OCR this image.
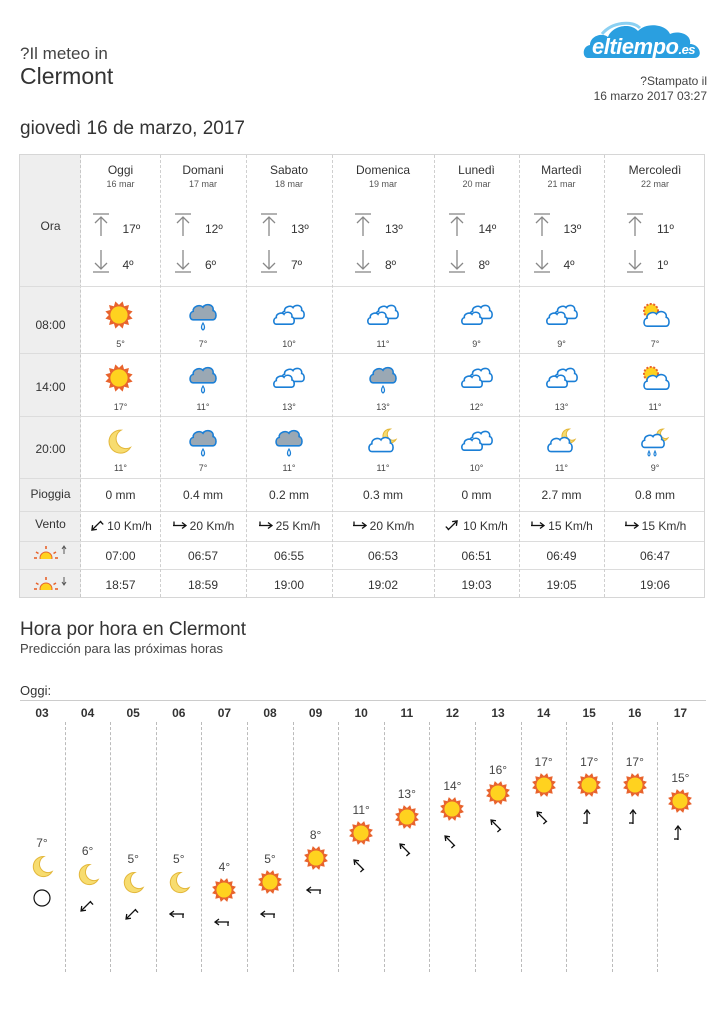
?Il meteo in
Clermont
eltiempo.es
?Stampato il
16 marzo 2017 03:27
giovedì 16 de marzo, 2017
Ora
08:00
14:00
20:00
Pioggia
Vento
Oggi
16 mar
17º
4º
5°
17°
11°
0 mm
10 Km/h
07:00
18:57
Domani
17 mar
12º
6º
7°
11°
7°
0.4 mm
20 Km/h
06:57
18:59
Sabato
18 mar
13º
7º
10°
13°
11°
0.2 mm
25 Km/h
06:55
19:00
Domenica
19 mar
13º
8º
11°
13°
11°
0.3 mm
20 Km/h
06:53
19:02
Lunedì
20 mar
14º
8º
9°
12°
10°
0 mm
10 Km/h
06:51
19:03
Martedì
21 mar
13º
4º
9°
13°
11°
2.7 mm
15 Km/h
06:49
19:05
Mercoledì
22 mar
11º
1º
7°
11°
9°
0.8 mm
15 Km/h
06:47
19:06
Hora por hora en Clermont
Predicción para las próximas horas
Oggi:
03
7°
04
6°
05
5°
06
5°
07
4°
08
5°
09
8°
10
11°
11
13°
12
14°
13
16°
14
17°
15
17°
16
17°
17
15°
